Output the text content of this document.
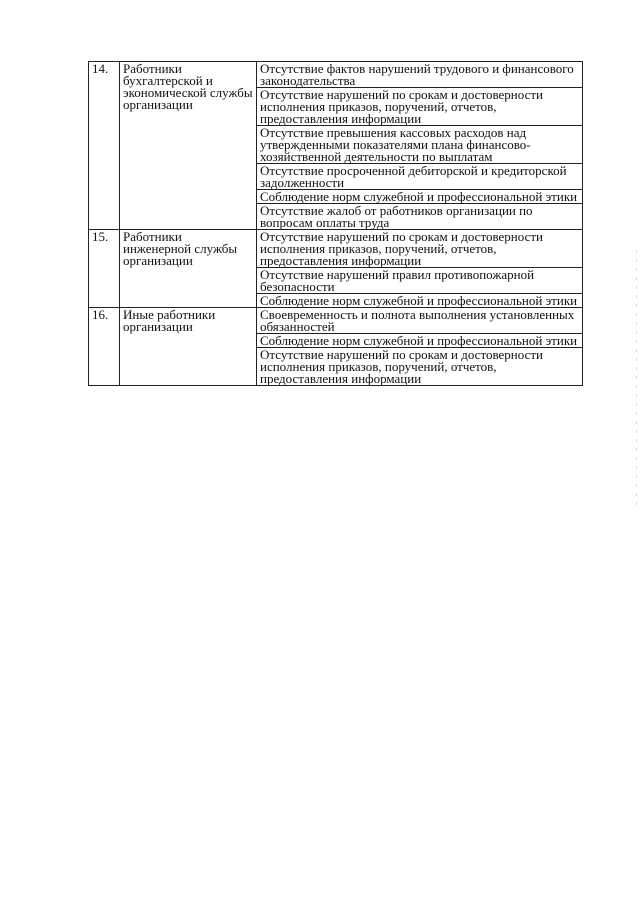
14.	Работники бухгалтерской и экономической службы организации	Отсутствие фактов нарушений трудового и финансового законодательства
		Отсутствие нарушений по срокам и достоверности исполнения приказов, поручений, отчетов, предоставления информации
		Отсутствие превышения кассовых расходов над утвержденными показателями плана финансово-хозяйственной деятельности по выплатам
		Отсутствие просроченной дебиторской и кредиторской задолженности
		Соблюдение норм служебной и профессиональной этики
		Отсутствие жалоб от работников организации по вопросам оплаты труда
15.	Работники инженерной службы организации	Отсутствие нарушений по срокам и достоверности исполнения приказов, поручений, отчетов, предоставления информации
		Отсутствие нарушений правил противопожарной безопасности
		Соблюдение норм служебной и профессиональной этики
16.	Иные работники организации	Своевременность и полнота выполнения установленных обязанностей
		Соблюдение норм служебной и профессиональной этики
		Отсутствие нарушений по срокам и достоверности исполнения приказов, поручений, отчетов, предоставления информации
